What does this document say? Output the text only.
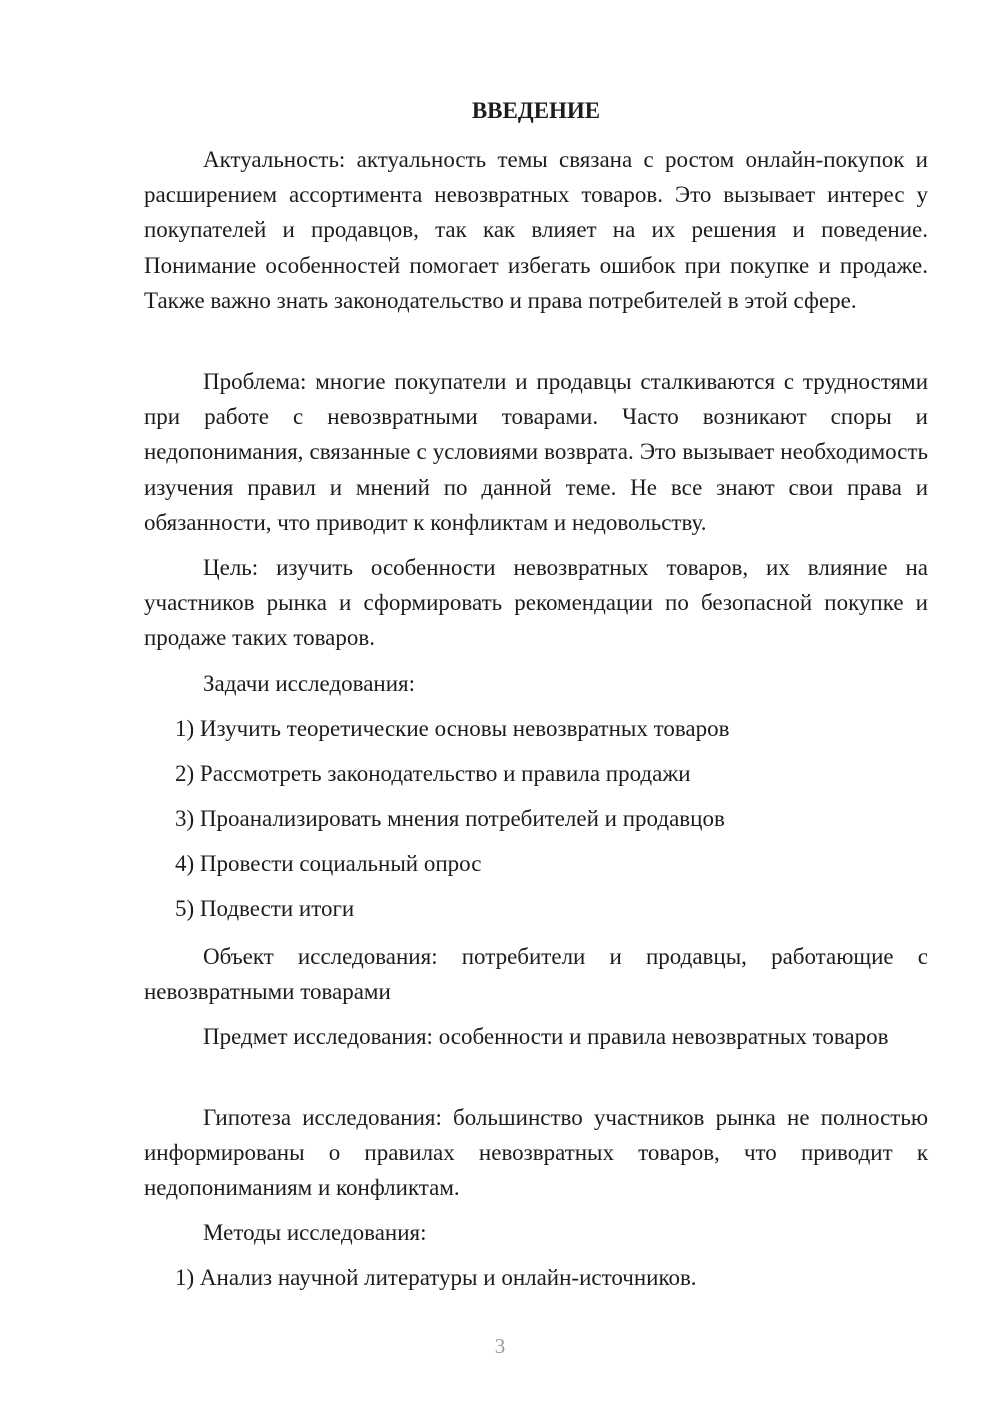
ВВЕДЕНИЕ

Актуальность: актуальность темы связана с ростом онлайн-покупок и расширением ассортимента невозвратных товаров. Это вызывает интерес у покупателей и продавцов, так как влияет на их решения и поведение. Понимание особенностей помогает избегать ошибок при покупке и продаже. Также важно знать законодательство и права потребителей в этой сфере.

Проблема: многие покупатели и продавцы сталкиваются с трудностями при работе с невозвратными товарами. Часто возникают споры и недопонимания, связанные с условиями возврата. Это вызывает необходимость изучения правил и мнений по данной теме. Не все знают свои права и обязанности, что приводит к конфликтам и недовольству.

Цель: изучить особенности невозвратных товаров, их влияние на участников рынка и сформировать рекомендации по безопасной покупке и продаже таких товаров.

Задачи исследования:

1) Изучить теоретические основы невозвратных товаров

2) Рассмотреть законодательство и правила продажи

3) Проанализировать мнения потребителей и продавцов

4) Провести социальный опрос

5) Подвести итоги

Объект исследования: потребители и продавцы, работающие с невозвратными товарами

Предмет исследования: особенности и правила невозвратных товаров

Гипотеза исследования: большинство участников рынка не полностью информированы о правилах невозвратных товаров, что приводит к недопониманиям и конфликтам.

Методы исследования:

1) Анализ научной литературы и онлайн-источников.

3
